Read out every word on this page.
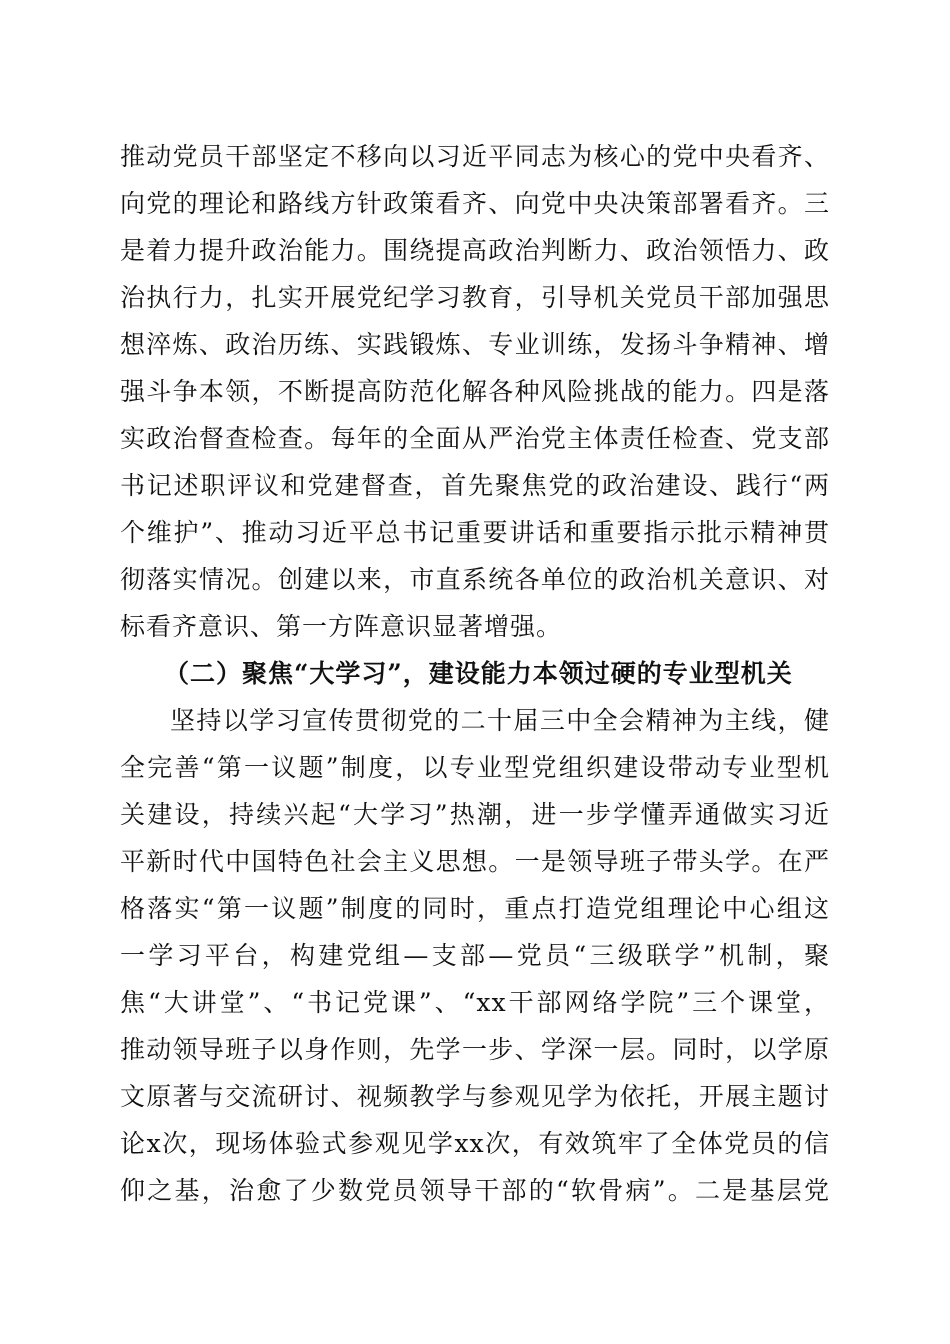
推动党员干部坚定不移向以习近平同志为核心的党中央看齐、
向党的理论和路线方针政策看齐、向党中央决策部署看齐。三
是着力提升政治能力。围绕提高政治判断力、政治领悟力、政
治执行力，扎实开展党纪学习教育，引导机关党员干部加强思
想淬炼、政治历练、实践锻炼、专业训练，发扬斗争精神、增
强斗争本领，不断提高防范化解各种风险挑战的能力。四是落
实政治督查检查。每年的全面从严治党主体责任检查、党支部
书记述职评议和党建督查，首先聚焦党的政治建设、践行“两
个维护”、推动习近平总书记重要讲话和重要指示批示精神贯
彻落实情况。创建以来，市直系统各单位的政治机关意识、对
标看齐意识、第一方阵意识显著增强。
（二）聚焦“大学习”，建设能力本领过硬的专业型机关
坚持以学习宣传贯彻党的二十届三中全会精神为主线，健
全完善“第一议题”制度，以专业型党组织建设带动专业型机
关建设，持续兴起“大学习”热潮，进一步学懂弄通做实习近
平新时代中国特色社会主义思想。一是领导班子带头学。在严
格落实“第一议题”制度的同时，重点打造党组理论中心组这
一学习平台，构建党组—支部—党员“三级联学”机制，聚
焦“大讲堂”、“书记党课”、“xx干部网络学院”三个课堂，
推动领导班子以身作则，先学一步、学深一层。同时，以学原
文原著与交流研讨、视频教学与参观见学为依托，开展主题讨
论x次，现场体验式参观见学xx次，有效筑牢了全体党员的信
仰之基，治愈了少数党员领导干部的“软骨病”。二是基层党
